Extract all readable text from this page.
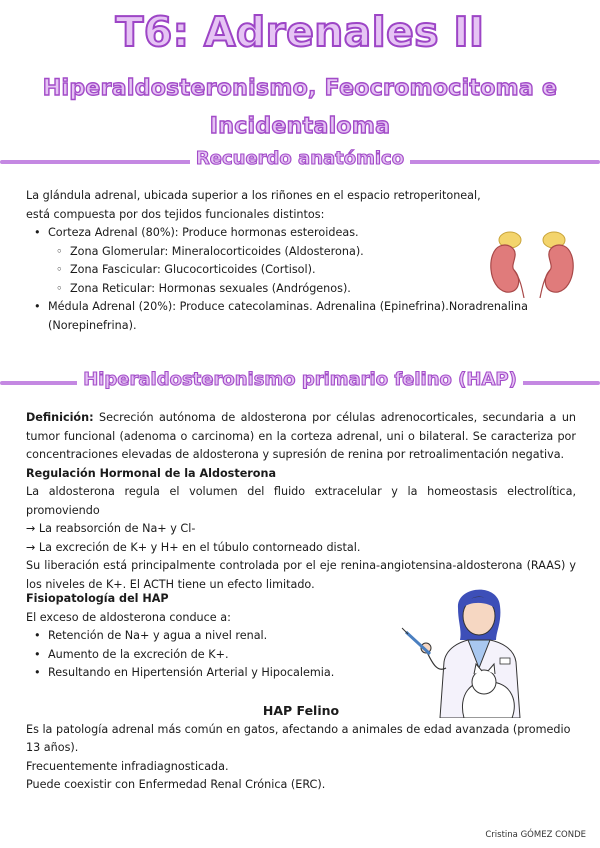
T6: Adrenales II
Hiperaldosteronismo, Feocromocitoma e
Incidentaloma
Recuerdo anatómico
La glándula adrenal, ubicada superior a los riñones en el espacio retroperitoneal, está compuesta por dos tejidos funcionales distintos:
• Corteza Adrenal (80%): Produce hormonas esteroideas.
◦ Zona Glomerular: Mineralocorticoides (Aldosterona).
◦ Zona Fascicular: Glucocorticoides (Cortisol).
◦ Zona Reticular: Hormonas sexuales (Andrógenos).
• Médula Adrenal (20%): Produce catecolaminas. Adrenalina (Epinefrina).Noradrenalina (Norepinefrina).
Hiperaldosteronismo primario felino (HAP)
Definición: Secreción autónoma de aldosterona por células adrenocorticales, secundaria a un tumor funcional (adenoma o carcinoma) en la corteza adrenal, uni o bilateral. Se caracteriza por concentraciones elevadas de aldosterona y supresión de renina por retroalimentación negativa.
Regulación Hormonal de la Aldosterona
La aldosterona regula el volumen del fluido extracelular y la homeostasis electrolítica, promoviendo
→ La reabsorción de Na+ y Cl-
→ La excreción de K+ y H+ en el túbulo contorneado distal.
Su liberación está principalmente controlada por el eje renina-angiotensina-aldosterona (RAAS) y los niveles de K+. El ACTH tiene un efecto limitado.
Fisiopatología del HAP
El exceso de aldosterona conduce a:
• Retención de Na+ y agua a nivel renal.
• Aumento de la excreción de K+.
• Resultando en Hipertensión Arterial y Hipocalemia.
HAP Felino
Es la patología adrenal más común en gatos, afectando a animales de edad avanzada (promedio 13 años).
Frecuentemente infradiagnosticada.
Puede coexistir con Enfermedad Renal Crónica (ERC).
Cristina GÓMEZ CONDE
